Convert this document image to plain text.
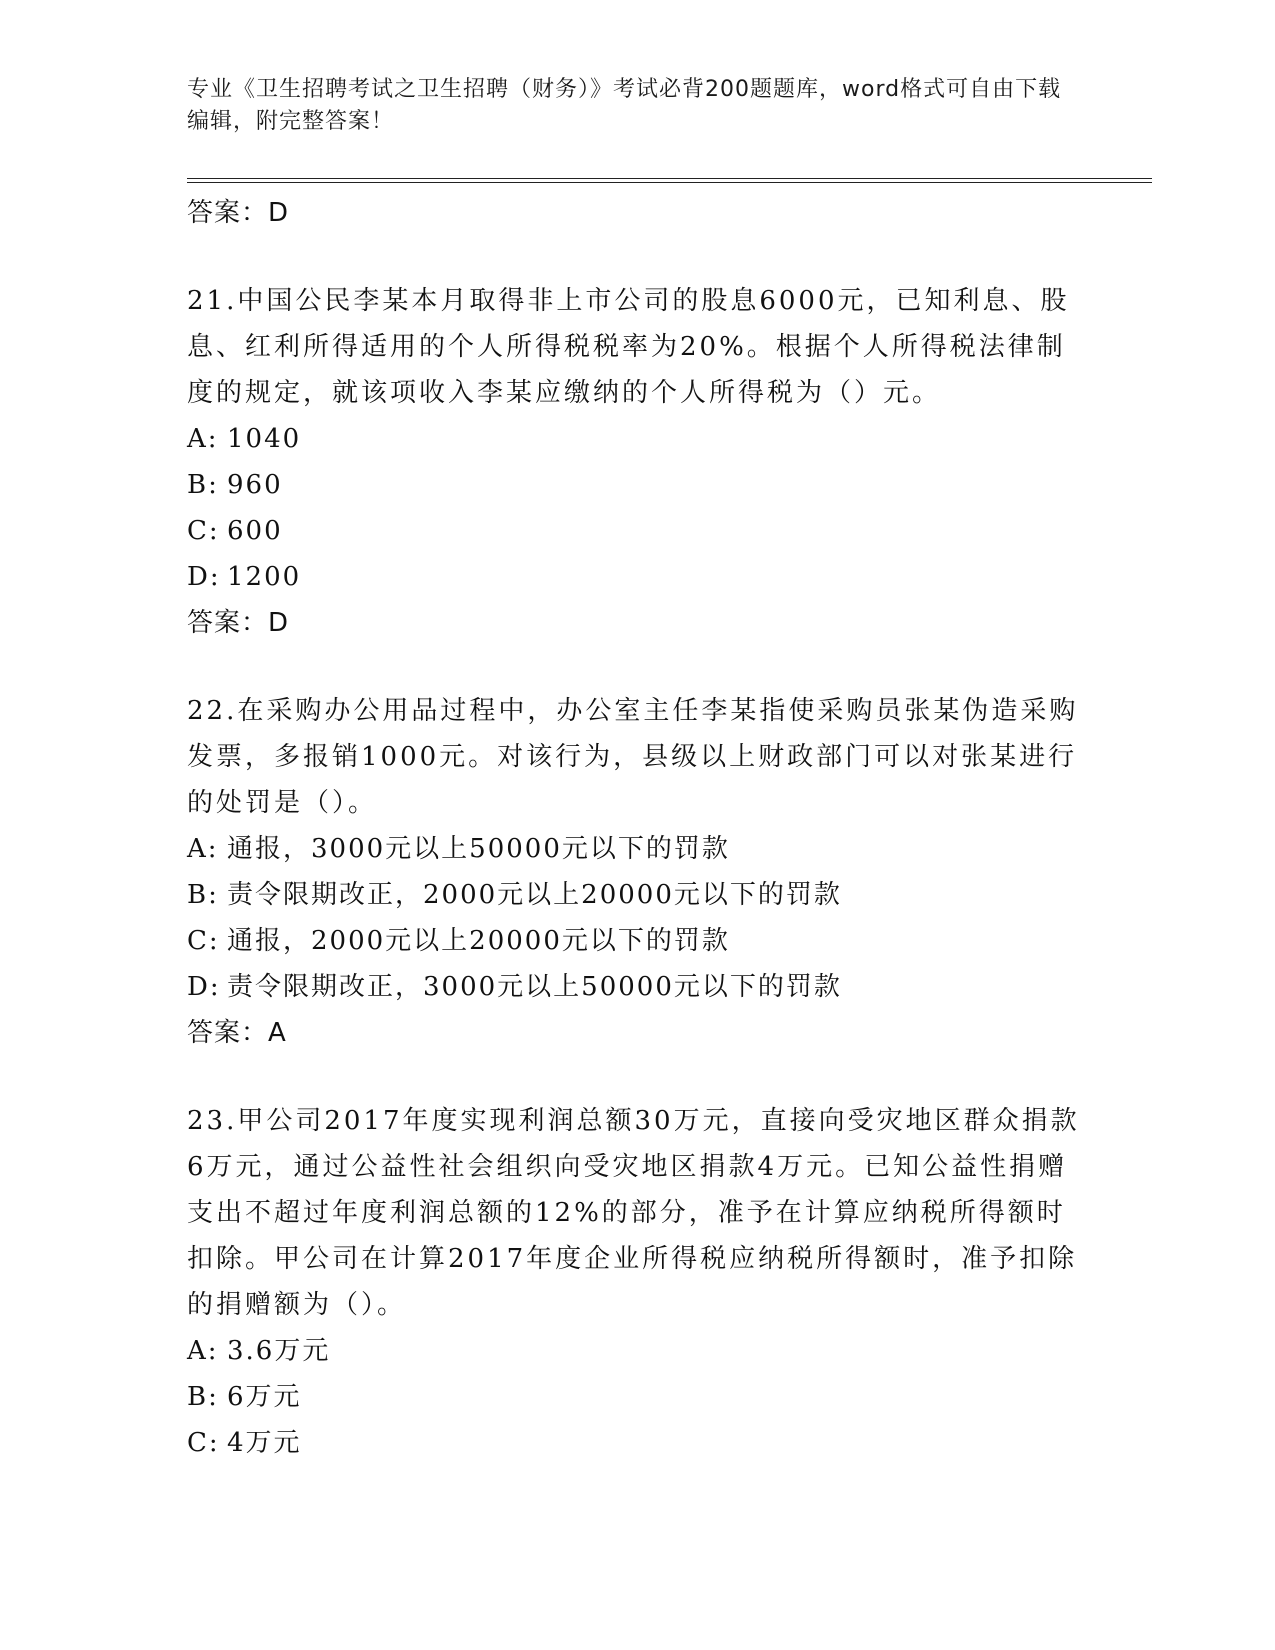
专业《卫生招聘考试之卫生招聘（财务）》考试必背200题题库，word格式可自由下载编辑，附完整答案！
答案：D
21.中国公民李某本月取得非上市公司的股息6000元，已知利息、股息、红利所得适用的个人所得税税率为20%。根据个人所得税法律制度的规定，就该项收入李某应缴纳的个人所得税为（）元。
A: 1040
B: 960
C: 600
D: 1200
答案：D
22.在采购办公用品过程中，办公室主任李某指使采购员张某伪造采购发票，多报销1000元。对该行为，县级以上财政部门可以对张某进行的处罚是（）。
A: 通报，3000元以上50000元以下的罚款
B: 责令限期改正，2000元以上20000元以下的罚款
C: 通报，2000元以上20000元以下的罚款
D: 责令限期改正，3000元以上50000元以下的罚款
答案：A
23.甲公司2017年度实现利润总额30万元，直接向受灾地区群众捐款6万元，通过公益性社会组织向受灾地区捐款4万元。已知公益性捐赠支出不超过年度利润总额的12%的部分，准予在计算应纳税所得额时扣除。甲公司在计算2017年度企业所得税应纳税所得额时，准予扣除的捐赠额为（）。
A: 3.6万元
B: 6万元
C: 4万元
